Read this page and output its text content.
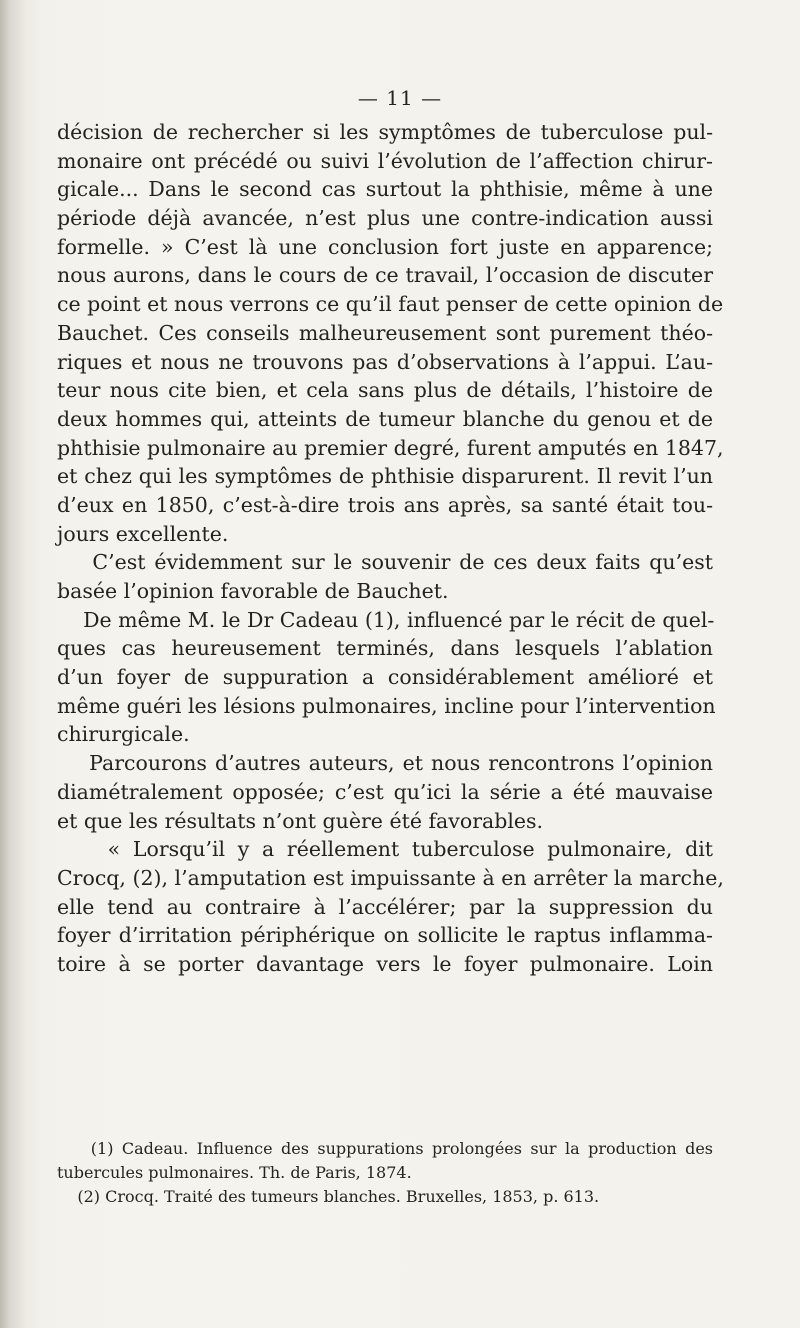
— 11 —
décision de rechercher si les symptômes de tuberculose pul-
monaire ont précédé ou suivi l’évolution de l’affection chirur-
gicale... Dans le second cas surtout la phthisie, même à une
période déjà avancée, n’est plus une contre-indication aussi
formelle. » C’est là une conclusion fort juste en apparence;
nous aurons, dans le cours de ce travail, l’occasion de discuter
ce point et nous verrons ce qu’il faut penser de cette opinion de
Bauchet. Ces conseils malheureusement sont purement théo-
riques et nous ne trouvons pas d’observations à l’appui. L’au-
teur nous cite bien, et cela sans plus de détails, l’histoire de
deux hommes qui, atteints de tumeur blanche du genou et de
phthisie pulmonaire au premier degré, furent amputés en 1847,
et chez qui les symptômes de phthisie disparurent. Il revit l’un
d’eux en 1850, c’est-à-dire trois ans après, sa santé était tou-
jours excellente.
C’est évidemment sur le souvenir de ces deux faits qu’est
basée l’opinion favorable de Bauchet.
De même M. le Dr Cadeau (1), influencé par le récit de quel-
ques cas heureusement terminés, dans lesquels l’ablation
d’un foyer de suppuration a considérablement amélioré et
même guéri les lésions pulmonaires, incline pour l’intervention
chirurgicale.
Parcourons d’autres auteurs, et nous rencontrons l’opinion
diamétralement opposée; c’est qu’ici la série a été mauvaise
et que les résultats n’ont guère été favorables.
« Lorsqu’il y a réellement tuberculose pulmonaire, dit
Crocq, (2), l’amputation est impuissante à en arrêter la marche,
elle tend au contraire à l’accélérer; par la suppression du
foyer d’irritation périphérique on sollicite le raptus inflamma-
toire à se porter davantage vers le foyer pulmonaire. Loin
(1) Cadeau. Influence des suppurations prolongées sur la production des
tubercules pulmonaires. Th. de Paris, 1874.
(2) Crocq. Traité des tumeurs blanches. Bruxelles, 1853, p. 613.
